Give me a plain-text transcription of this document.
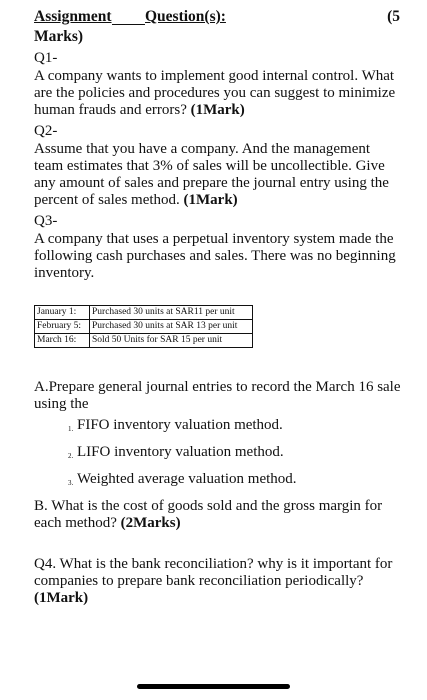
Assignment Question(s):	(5
Marks)
Q1-

A company wants to implement good internal control. What are the policies and procedures you can suggest to minimize human frauds and errors? (1Mark)

Q2-

Assume that you have a company. And the management team estimates that 3% of sales will be uncollectible. Give any amount of sales and prepare the journal entry using the percent of sales method. (1Mark)

Q3-

A company that uses a perpetual inventory system made the following cash purchases and sales. There was no beginning inventory.

January 1:	Purchased 30 units at SAR11 per unit
February 5:	Purchased 30 units at SAR 13 per unit
March 16:	Sold 50 Units for SAR 15 per unit

A.Prepare general journal entries to record the March 16 sale using the

1. FIFO inventory valuation method.
2. LIFO inventory valuation method.
3. Weighted average valuation method.

B. What is the cost of goods sold and the gross margin for each method? (2Marks)

Q4. What is the bank reconciliation? why is it important for companies to prepare bank reconciliation periodically? (1Mark)
